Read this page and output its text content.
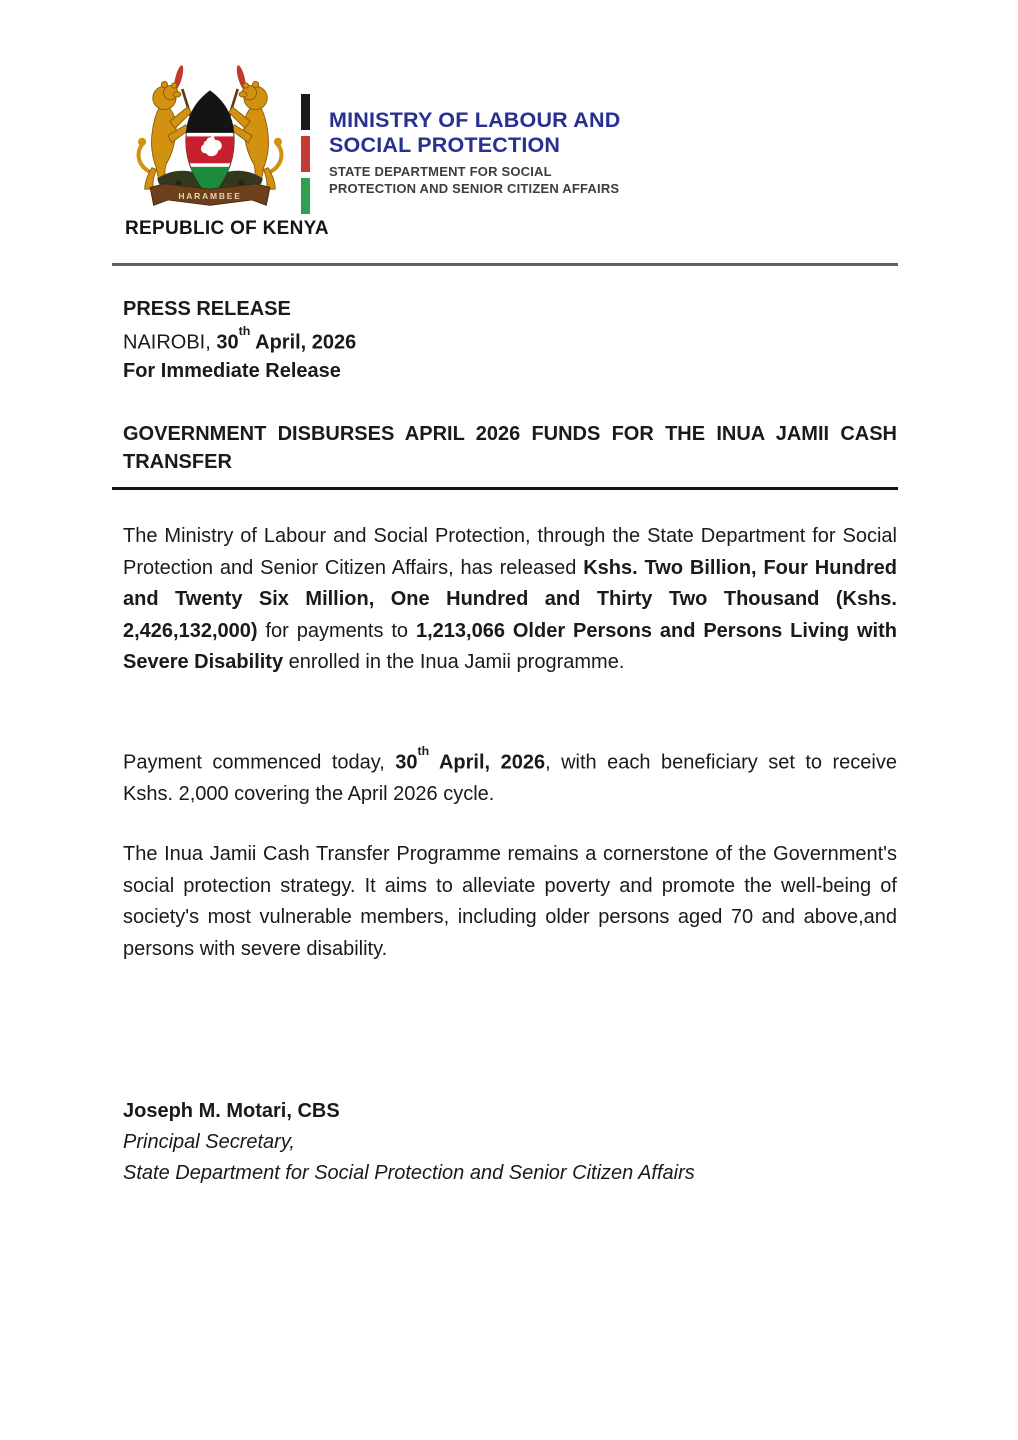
HARAMBEE
REPUBLIC OF KENYA
MINISTRY OF LABOUR AND
SOCIAL PROTECTION
STATE DEPARTMENT FOR SOCIAL
PROTECTION AND SENIOR CITIZEN AFFAIRS
PRESS RELEASE
NAIROBI, 30th April, 2026
For Immediate Release
GOVERNMENT DISBURSES APRIL 2026 FUNDS FOR THE INUA JAMII CASH TRANSFER

The Ministry of Labour and Social Protection, through the State Department for Social Protection and Senior Citizen Affairs, has released Kshs. Two Billion, Four Hundred and Twenty Six Million, One Hundred and Thirty Two Thousand (Kshs. 2,426,132,000) for payments to 1,213,066 Older Persons and Persons Living with Severe Disability enrolled in the Inua Jamii programme.

Payment commenced today, 30th April, 2026, with each beneficiary set to receive Kshs. 2,000 covering the April 2026 cycle.

The Inua Jamii Cash Transfer Programme remains a cornerstone of the Government's social protection strategy. It aims to alleviate poverty and promote the well-being of society's most vulnerable members, including older persons aged 70 and above,and persons with severe disability.

Joseph M. Motari, CBS
Principal Secretary,
State Department for Social Protection and Senior Citizen Affairs
